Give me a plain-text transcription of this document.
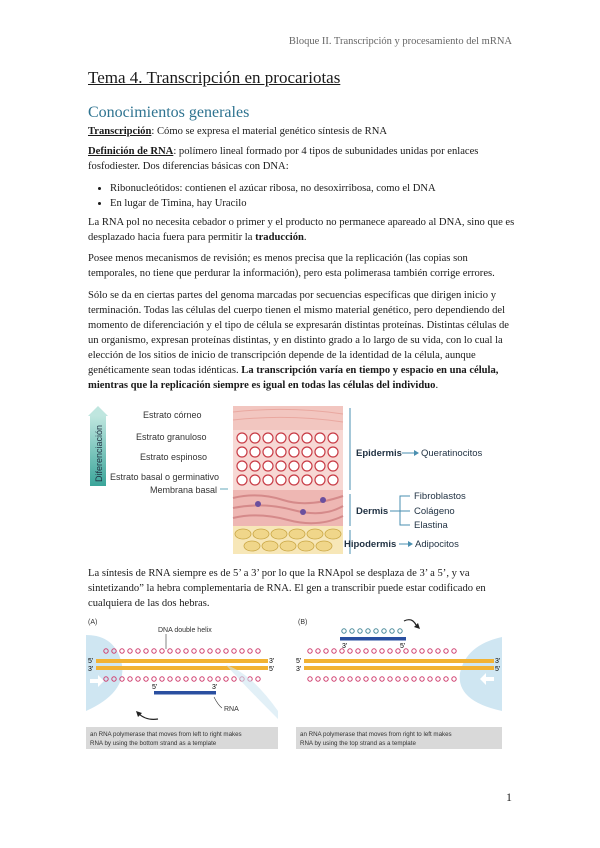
Bloque II. Transcripción y procesamiento del mRNA
Tema 4. Transcripción en procariotas
Conocimientos generales
Transcripción: Cómo se expresa el material genético síntesis de RNA
Definición de RNA: polímero lineal formado por 4 tipos de subunidades unidas por enlaces fosfodiester. Dos diferencias básicas con DNA:
• Ribonucleótidos: contienen el azúcar ribosa, no desoxirribosa, como el DNA
• En lugar de Timina, hay Uracilo
La RNA pol no necesita cebador o primer y el producto no permanece apareado al DNA, sino que es desplazado hacia fuera para permitir la traducción.
Posee menos mecanismos de revisión; es menos precisa que la replicación (las copias son temporales, no tiene que perdurar la información), pero esta polimerasa también corrige errores.
Sólo se da en ciertas partes del genoma marcadas por secuencias específicas que dirigen inicio y terminación. Todas las células del cuerpo tienen el mismo material genético, pero dependiendo del momento de diferenciación y el tipo de célula se expresarán distintas proteínas. Distintas células de un organismo, expresan proteínas distintas, y en distinto grado a lo largo de su vida, con lo cual la elección de los sitios de inicio de transcripción depende de la identidad de la célula, aunque genéticamente sean todas idénticas. La transcripción varía en tiempo y espacio en una célula, mientras que la replicación siempre es igual en todas las células del individuo.
Diferenciación
Estrato córneo
Estrato granuloso
Estrato espinoso
Estrato basal o germinativo
Membrana basal
Epidermis Queratinocitos
Dermis
Fibroblastos
Colágeno
Elastina
Hipodermis Adipocitos
La síntesis de RNA siempre es de 5’ a 3’ por lo que la RNApol se desplaza de 3’ a 5’, y va sintetizando” la hebra complementaria de RNA. El gen a transcribir puede estar codificado en cualquiera de las dos hebras.
(A)
DNA double helix
5'
3'
3'
5'
5'	3'
RNA
an RNA polymerase that moves from left to right makes
RNA by using the bottom strand as a template
(B)
3'	5'
5'
3'
3'
5'
an RNA polymerase that moves from right to left makes
RNA by using the top strand as a template
1
